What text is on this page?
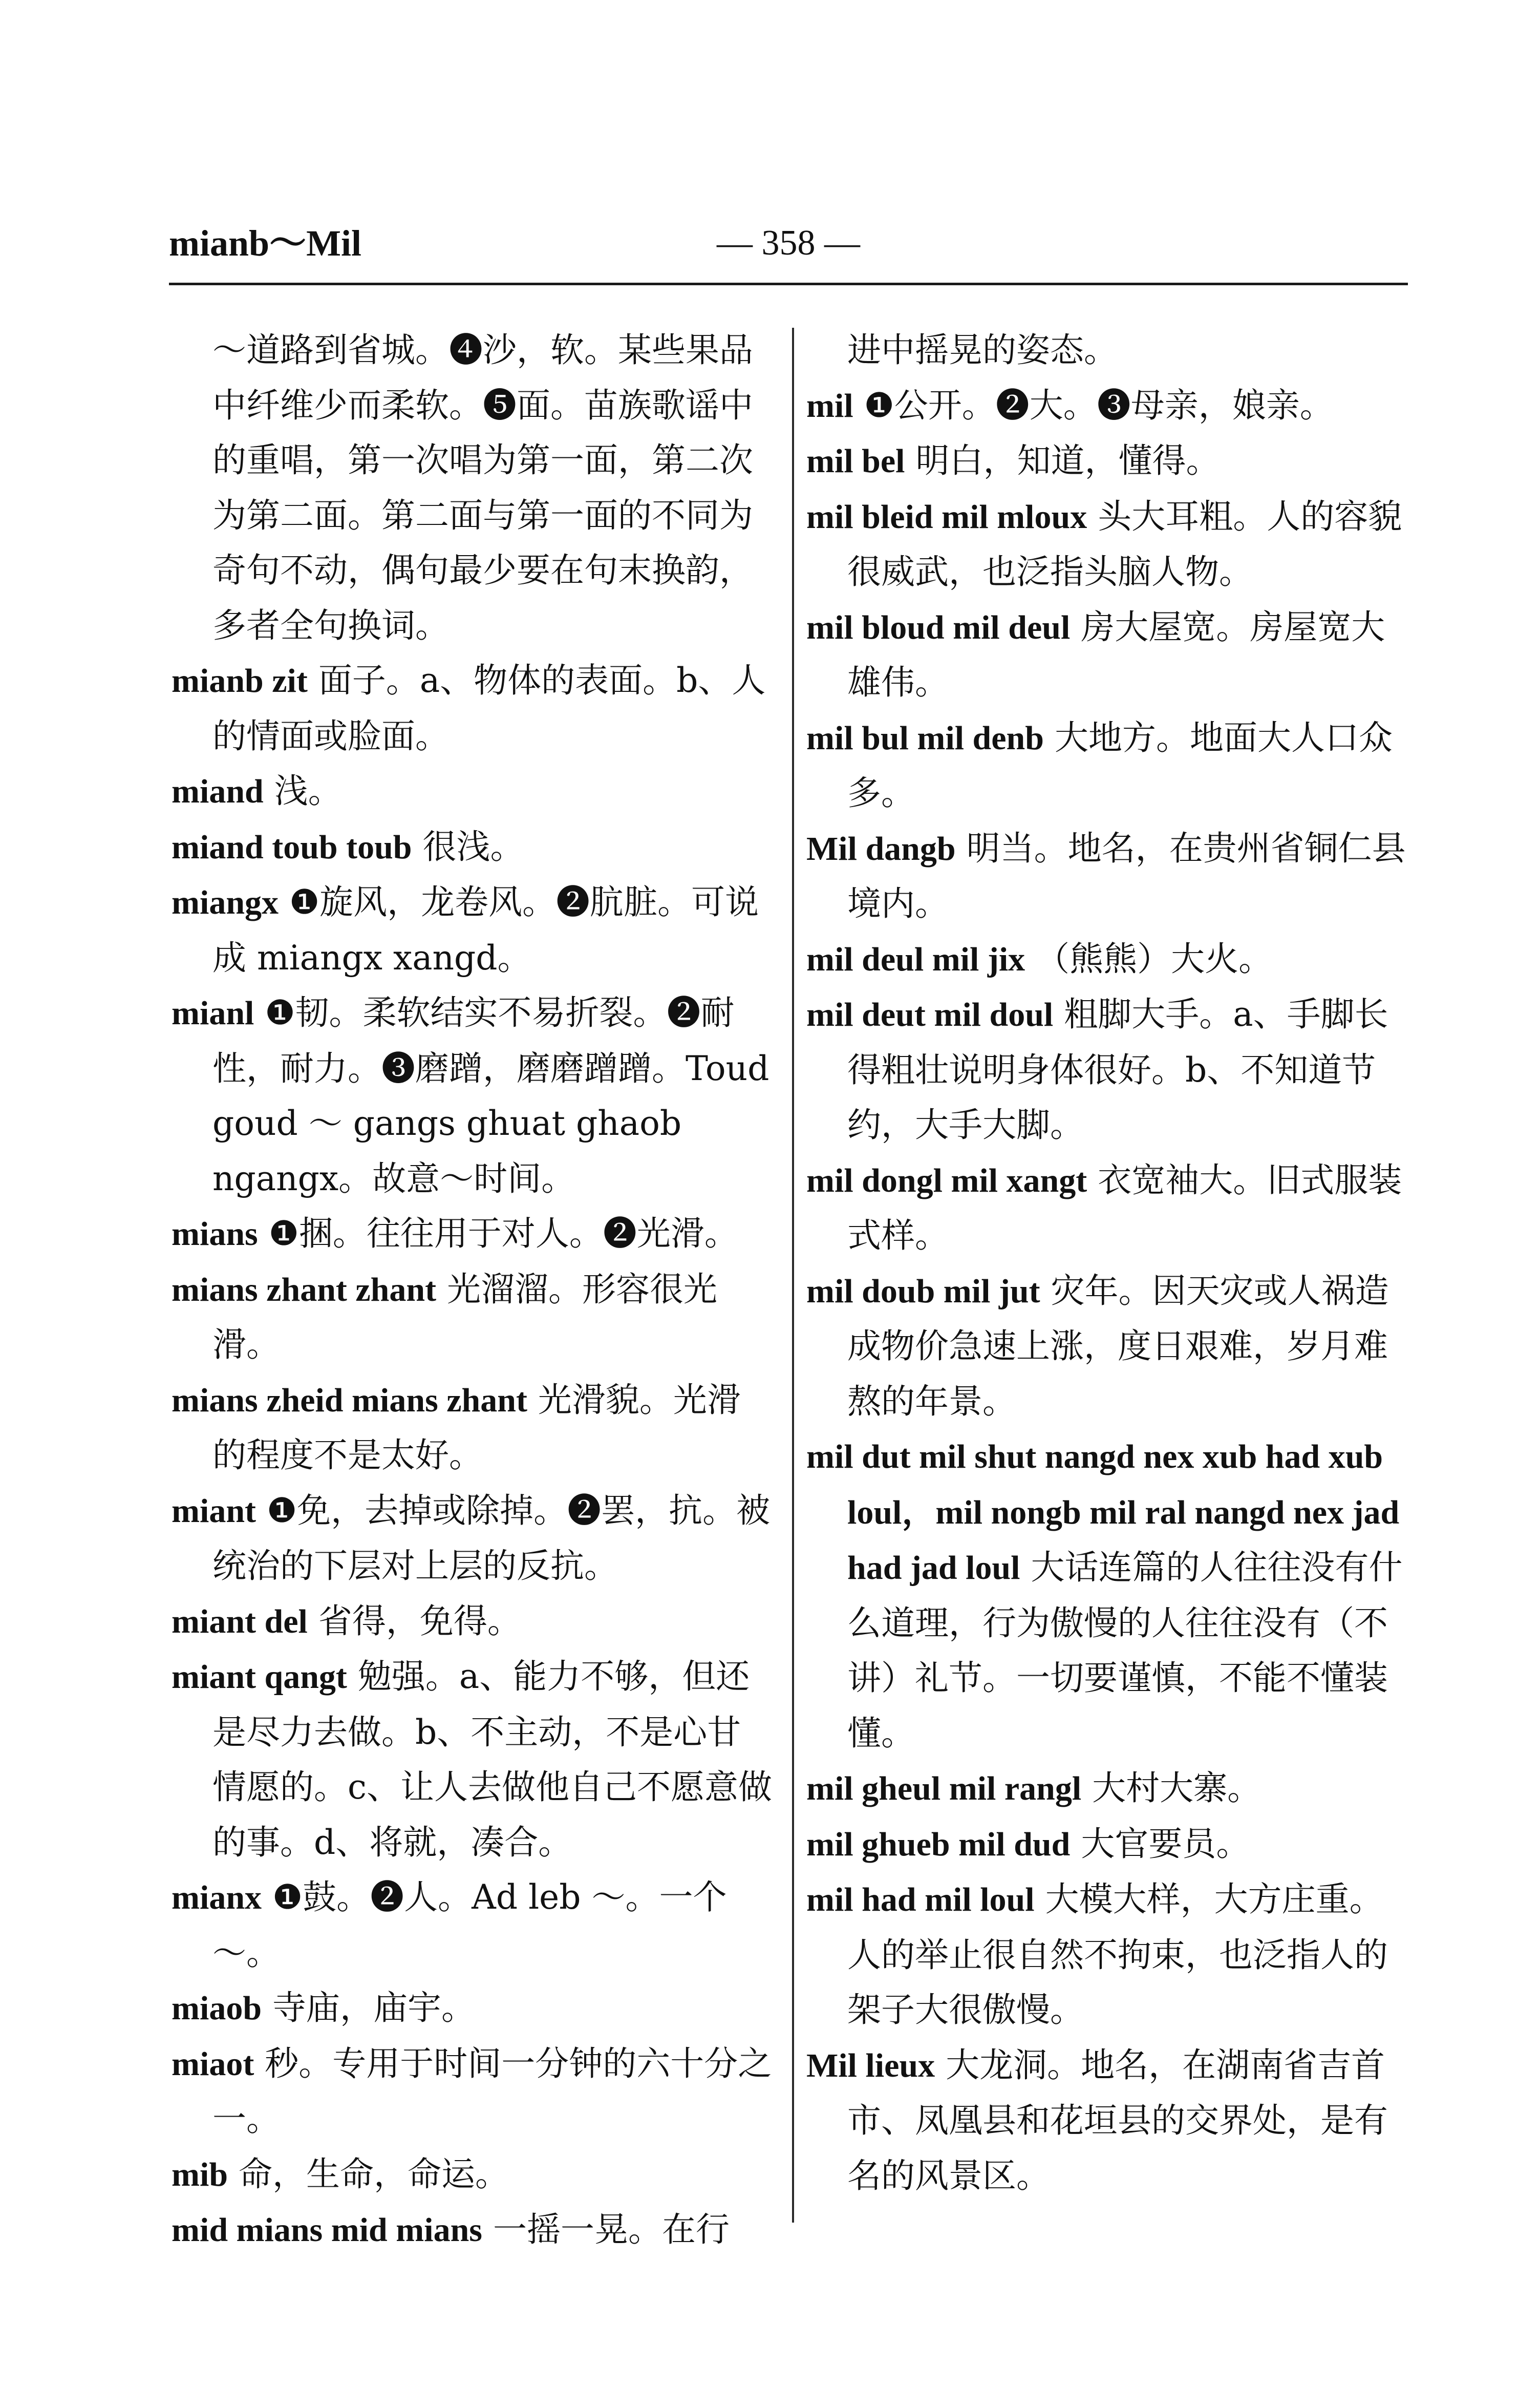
mianb～Mil	— 358 —

～道路到省城。❹沙，软。某些果品中纤维少而柔软。❺面。苗族歌谣中的重唱，第一次唱为第一面，第二次为第二面。第二面与第一面的不同为奇句不动，偶句最少要在句末换韵，多者全句换词。

mianb zit 面子。a、物体的表面。b、人的情面或脸面。

miand 浅。

miand toub toub 很浅。

miangx ❶旋风，龙卷风。❷肮脏。可说成 miangx xangd。

mianl ❶韧。柔软结实不易折裂。❷耐性，耐力。❸磨蹭，磨磨蹭蹭。Toud goud ～ gangs ghuat ghaob ngangx。故意～时间。

mians ❶捆。往往用于对人。❷光滑。

mians zhant zhant 光溜溜。形容很光滑。

mians zheid mians zhant 光滑貌。光滑的程度不是太好。

miant ❶免，去掉或除掉。❷罢，抗。被统治的下层对上层的反抗。

miant del 省得，免得。

miant qangt 勉强。a、能力不够，但还是尽力去做。b、不主动，不是心甘情愿的。c、让人去做他自己不愿意做的事。d、将就，凑合。

mianx ❶鼓。❷人。Ad leb ～。一个～。

miaob 寺庙，庙宇。

miaot 秒。专用于时间一分钟的六十分之一。

mib 命，生命，命运。

mid mians mid mians 一摇一晃。在行

进中摇晃的姿态。

mil ❶公开。❷大。❸母亲，娘亲。

mil bel 明白，知道，懂得。

mil bleid mil mloux 头大耳粗。人的容貌很威武，也泛指头脑人物。

mil bloud mil deul 房大屋宽。房屋宽大雄伟。

mil bul mil denb 大地方。地面大人口众多。

Mil dangb 明当。地名，在贵州省铜仁县境内。

mil deul mil jix （熊熊）大火。

mil deut mil doul 粗脚大手。a、手脚长得粗壮说明身体很好。b、不知道节约，大手大脚。

mil dongl mil xangt 衣宽袖大。旧式服装式样。

mil doub mil jut 灾年。因天灾或人祸造成物价急速上涨，度日艰难，岁月难熬的年景。

mil dut mil shut nangd nex xub had xub loul，mil nongb mil ral nangd nex jad had jad loul 大话连篇的人往往没有什么道理，行为傲慢的人往往没有（不讲）礼节。一切要谨慎，不能不懂装懂。

mil gheul mil rangl 大村大寨。

mil ghueb mil dud 大官要员。

mil had mil loul 大模大样，大方庄重。人的举止很自然不拘束，也泛指人的架子大很傲慢。

Mil lieux 大龙洞。地名，在湖南省吉首市、凤凰县和花垣县的交界处，是有名的风景区。
